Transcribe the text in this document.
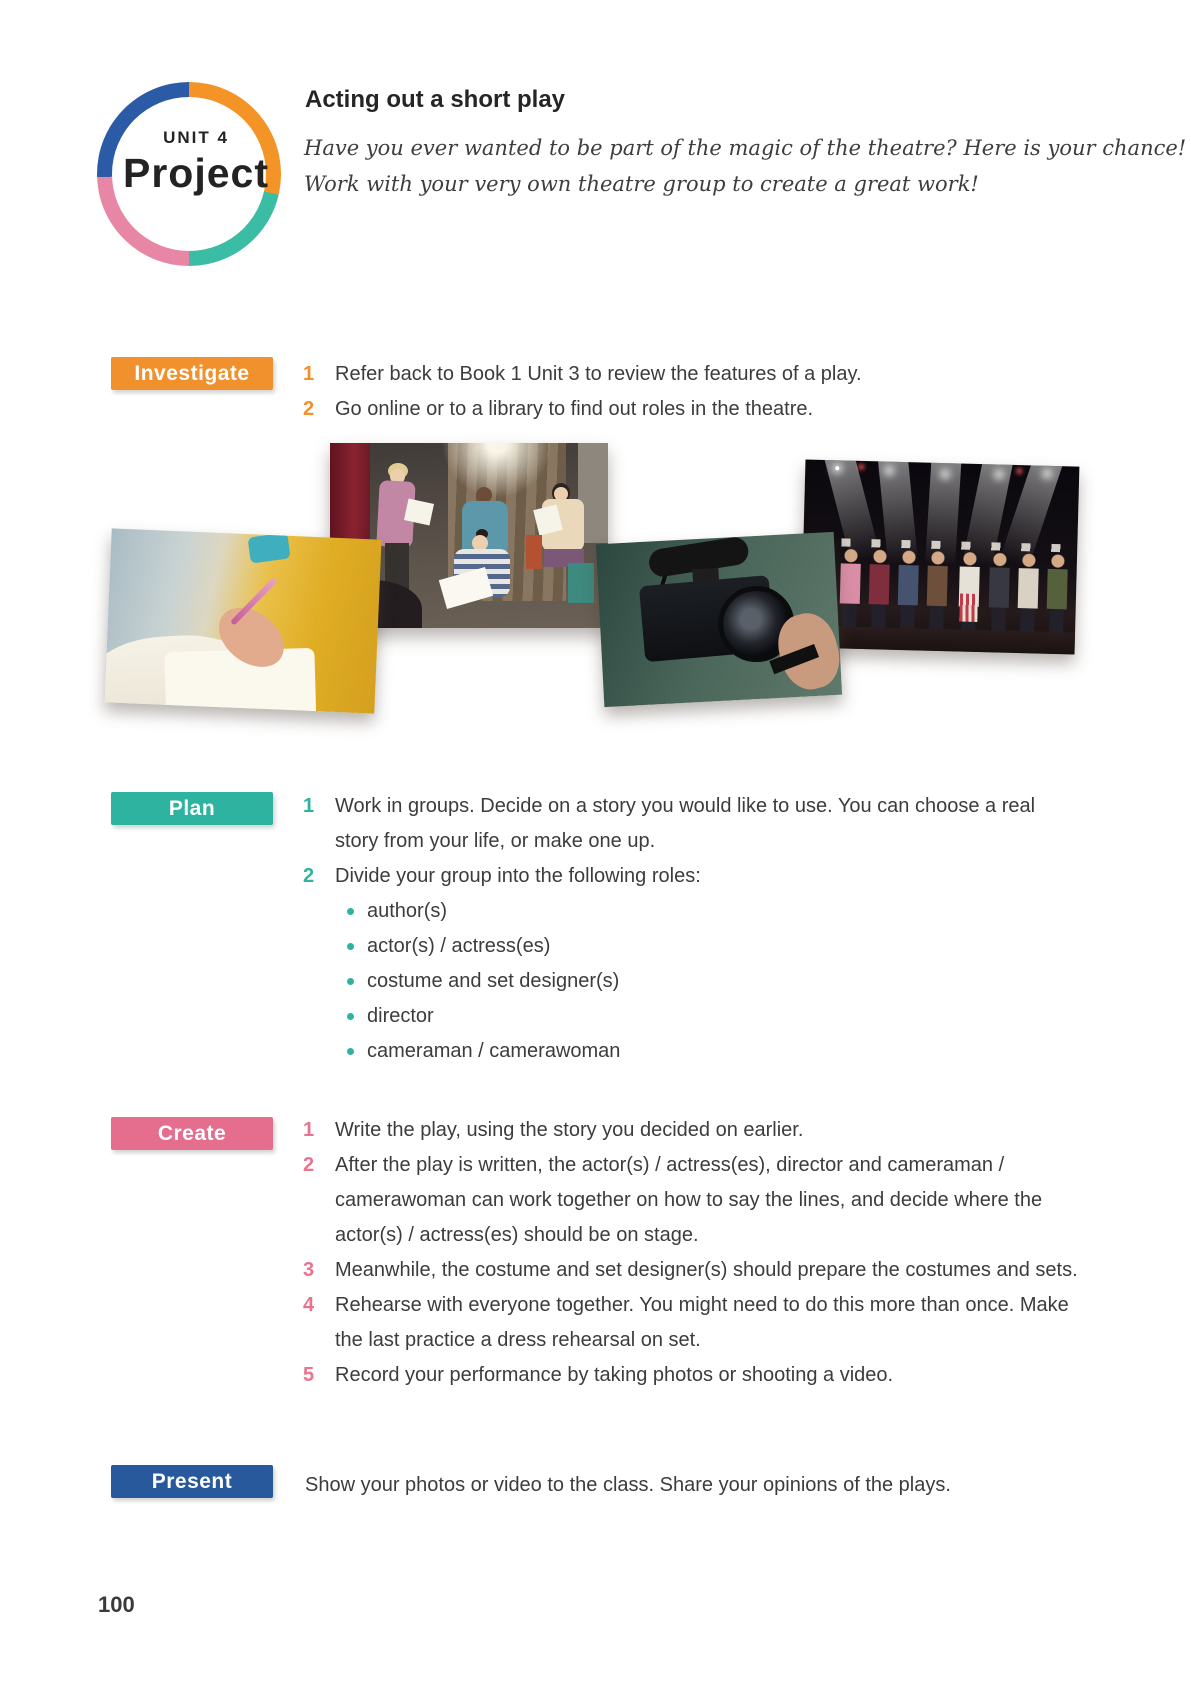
UNIT 4
Project
Acting out a short play

Have you ever wanted to be part of the magic of the theatre? Here is your chance!

Work with your very own theatre group to create a great work!

Investigate	1	Refer back to Book 1 Unit 3 to review the features of a play.
2	Go online or to a library to find out roles in the theatre.
Plan	1	Work in groups. Decide on a story you would like to use. You can choose a real story from your life, or make one up.
2	Divide your group into the following roles:
author(s)
actor(s) / actress(es)
costume and set designer(s)
director
cameraman / camerawoman
Create	1	Write the play, using the story you decided on earlier.
2	After the play is written, the actor(s) / actress(es), director and cameraman / camerawoman can work together on how to say the lines, and decide where the actor(s) / actress(es) should be on stage.
3	Meanwhile, the costume and set designer(s) should prepare the costumes and sets.
4	Rehearse with everyone together. You might need to do this more than once. Make the last practice a dress rehearsal on set.
5	Record your performance by taking photos or shooting a video.
Present	Show your photos or video to the class. Share your opinions of the plays.

100
